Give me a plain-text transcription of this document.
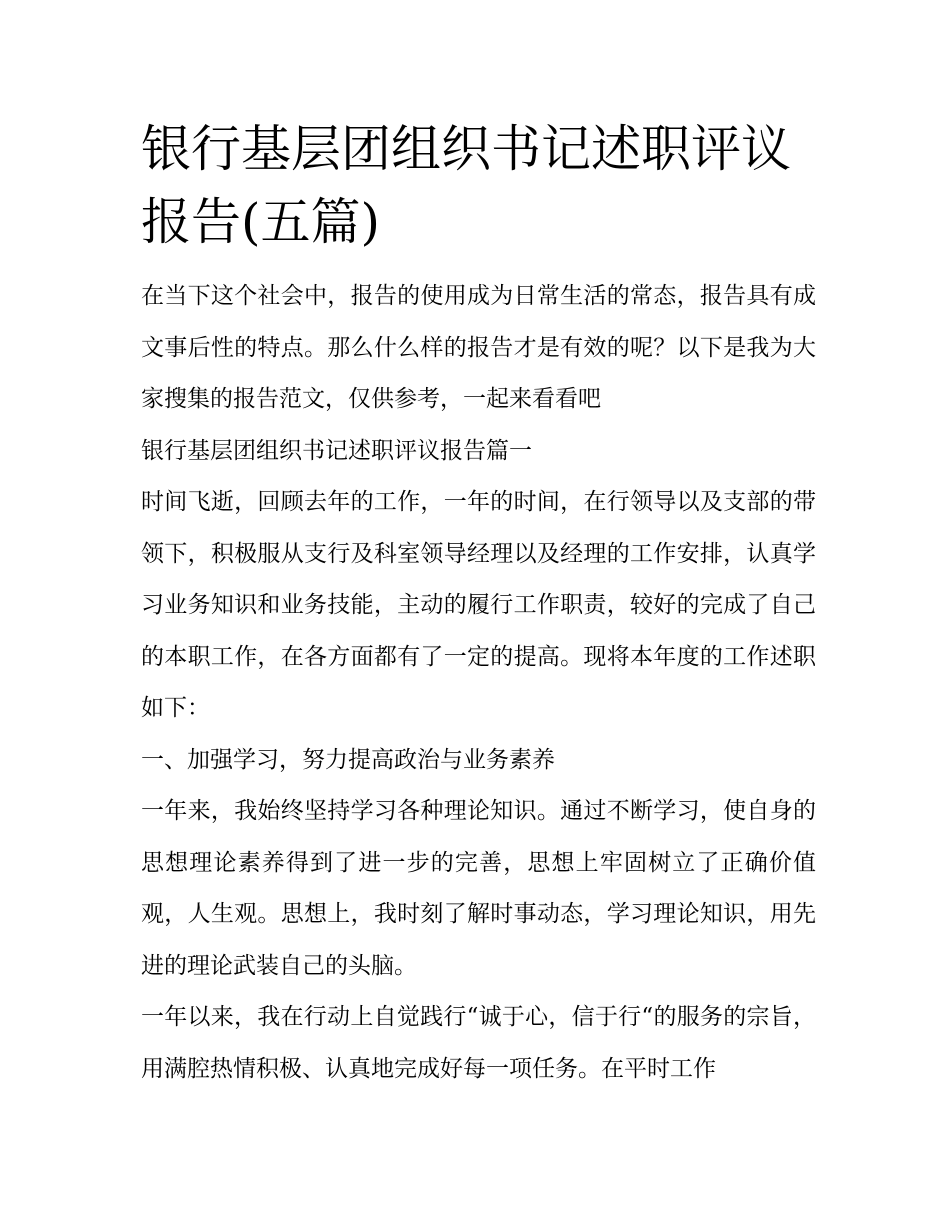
银行基层团组织书记述职评议报告(五篇)

在当下这个社会中，报告的使用成为日常生活的常态，报告具有成文事后性的特点。那么什么样的报告才是有效的呢？以下是我为大家搜集的报告范文，仅供参考，一起来看看吧

银行基层团组织书记述职评议报告篇一

时间飞逝，回顾去年的工作，一年的时间，在行领导以及支部的带领下，积极服从支行及科室领导经理以及经理的工作安排，认真学习业务知识和业务技能，主动的履行工作职责，较好的完成了自己的本职工作，在各方面都有了一定的提高。现将本年度的工作述职如下：

一、加强学习，努力提高政治与业务素养

一年来，我始终坚持学习各种理论知识。通过不断学习，使自身的思想理论素养得到了进一步的完善，思想上牢固树立了正确价值观，人生观。思想上，我时刻了解时事动态，学习理论知识，用先进的理论武装自己的头脑。

一年以来，我在行动上自觉践行“诚于心，信于行“的服务的宗旨，用满腔热情积极、认真地完成好每一项任务。在平时工作
